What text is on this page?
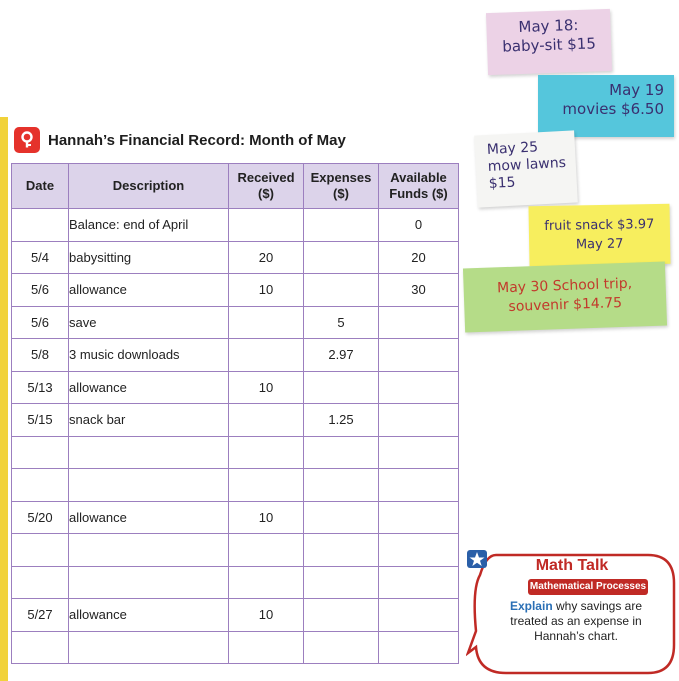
Hannah’s Financial Record: Month of May
Date	Description	Received ($)	Expenses ($)	Available
Funds ($)
	Balance: end of April			0
5/4	babysitting	20		20
5/6	allowance	10		30
5/6	save		5	
5/8	3 music downloads		2.97	
5/13	allowance	10		
5/15	snack bar		1.25	

5/20	allowance	10		

5/27	allowance	10		

May 18:
baby-sit $15
May 19
movies $6.50
May 25
mow lawns
$15
fruit snack $3.97
May 27
May 30 School trip,
souvenir $14.75
Math Talk
Mathematical Processes
Explain why savings are treated as an expense in Hannah’s chart.
